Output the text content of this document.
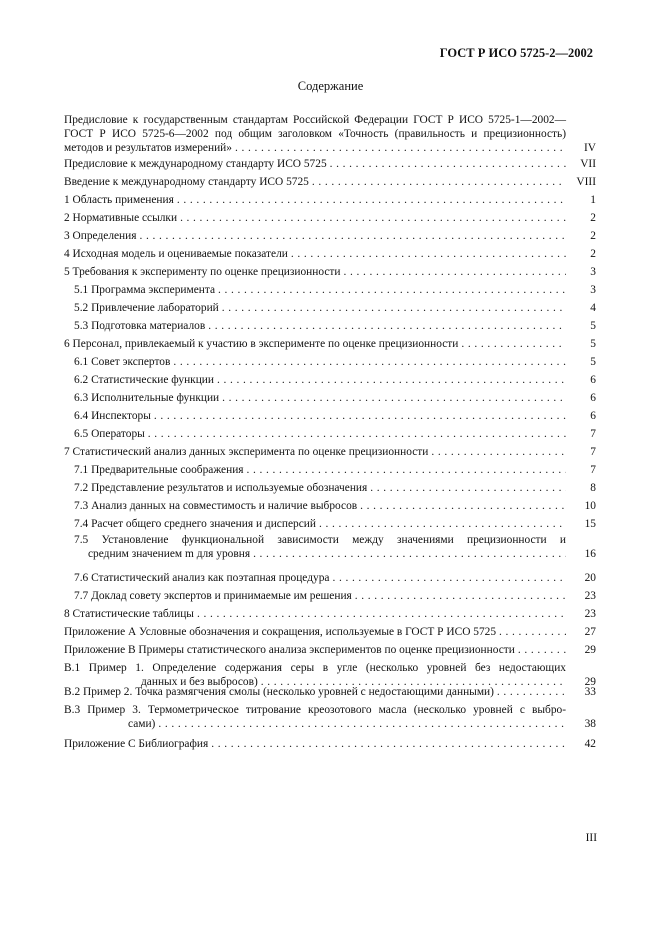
ГОСТ Р ИСО 5725-2—2002
Содержание
Предисловие к государственным стандартам Российской Федерации ГОСТ Р ИСО 5725-1—2002—
ГОСТ Р ИСО 5725-6—2002 под общим заголовком «Точность (правильность и прецизионность)
методов и результатов измерений» . . .	IV
Предисловие к международному стандарту ИСО 5725 . . .	VII
Введение к международному стандарту ИСО 5725 . . .	VIII
1 Область применения . . .	1
2 Нормативные ссылки . . .	2
3 Определения . . .	2
4 Исходная модель и оцениваемые показатели . . .	2
5 Требования к эксперименту по оценке прецизионности . . .	3
5.1 Программа эксперимента . . .	3
5.2 Привлечение лабораторий . . .	4
5.3 Подготовка материалов . . .	5
6 Персонал, привлекаемый к участию в эксперименте по оценке прецизионности . . .	5
6.1 Совет экспертов . . .	5
6.2 Статистические функции . . .	6
6.3 Исполнительные функции . . .	6
6.4 Инспекторы . . .	6
6.5 Операторы . . .	7
7 Статистический анализ данных эксперимента по оценке прецизионности . . .	7
7.1 Предварительные соображения . . .	7
7.2 Представление результатов и используемые обозначения . . .	8
7.3 Анализ данных на совместимость и наличие выбросов . . .	10
7.4 Расчет общего среднего значения и дисперсий . . .	15
7.5 Установление функциональной зависимости между значениями прецизионности и
средним значением m для уровня . . .	16
7.6 Статистический анализ как поэтапная процедура . . .	20
7.7 Доклад совету экспертов и принимаемые им решения . . .	23
8 Статистические таблицы . . .	23
Приложение А Условные обозначения и сокращения, используемые в ГОСТ Р ИСО 5725 . . .	27
Приложение В Примеры статистического анализа экспериментов по оценке прецизионности . . .	29
В.1 Пример 1. Определение содержания серы в угле (несколько уровней без недостающих
данных и без выбросов) . . .	29
В.2 Пример 2. Точка размягчения смолы (несколько уровней с недостающими данными) . . .	33
В.3 Пример 3. Термометрическое титрование креозотового масла (несколько уровней с выбро-
сами) . . .	38
Приложение С Библиография . . .	42
III
